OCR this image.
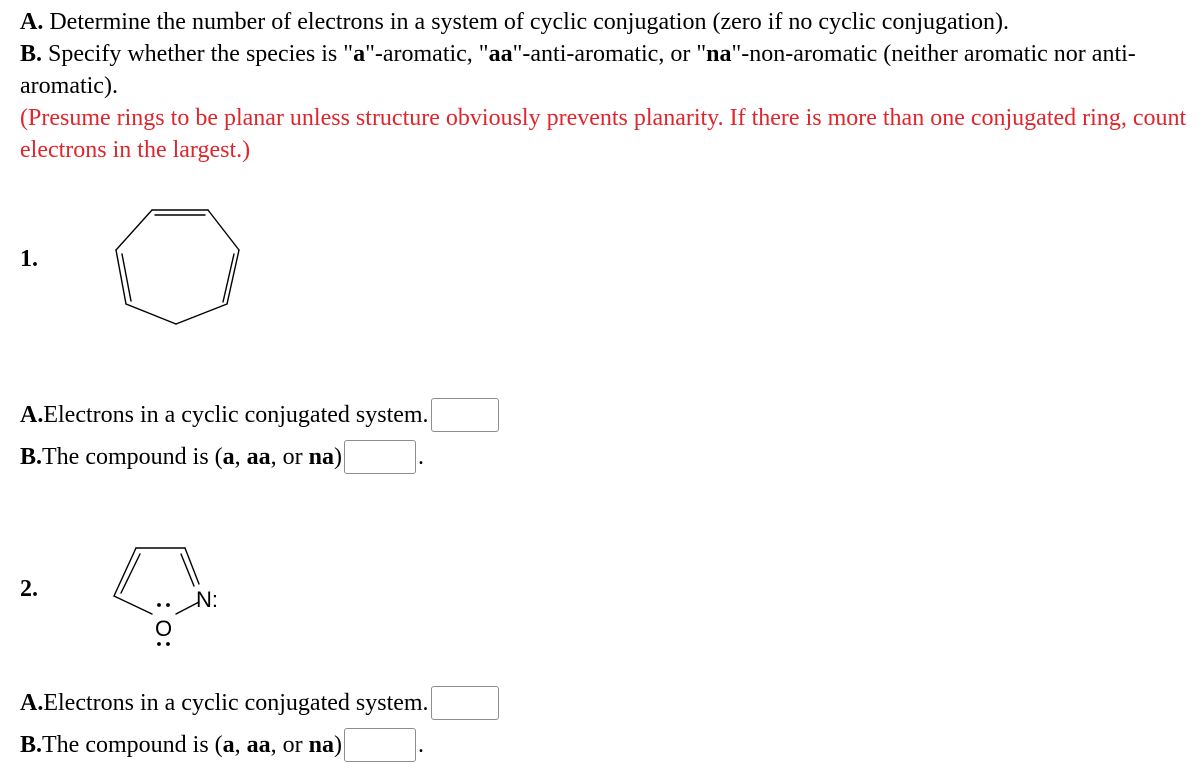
A. Determine the number of electrons in a system of cyclic conjugation (zero if no cyclic conjugation).

B. Specify whether the species is "a"-aromatic, "aa"-anti-aromatic, or "na"-non-aromatic (neither aromatic nor anti-aromatic).

(Presume rings to be planar unless structure obviously prevents planarity. If there is more than one conjugated ring, count electrons in the largest.)

1.
A. Electrons in a cyclic conjugated system.
B. The compound is ( a , aa , or na )	.
2.	N:
O
A. Electrons in a cyclic conjugated system.
B. The compound is ( a , aa , or na )	.
